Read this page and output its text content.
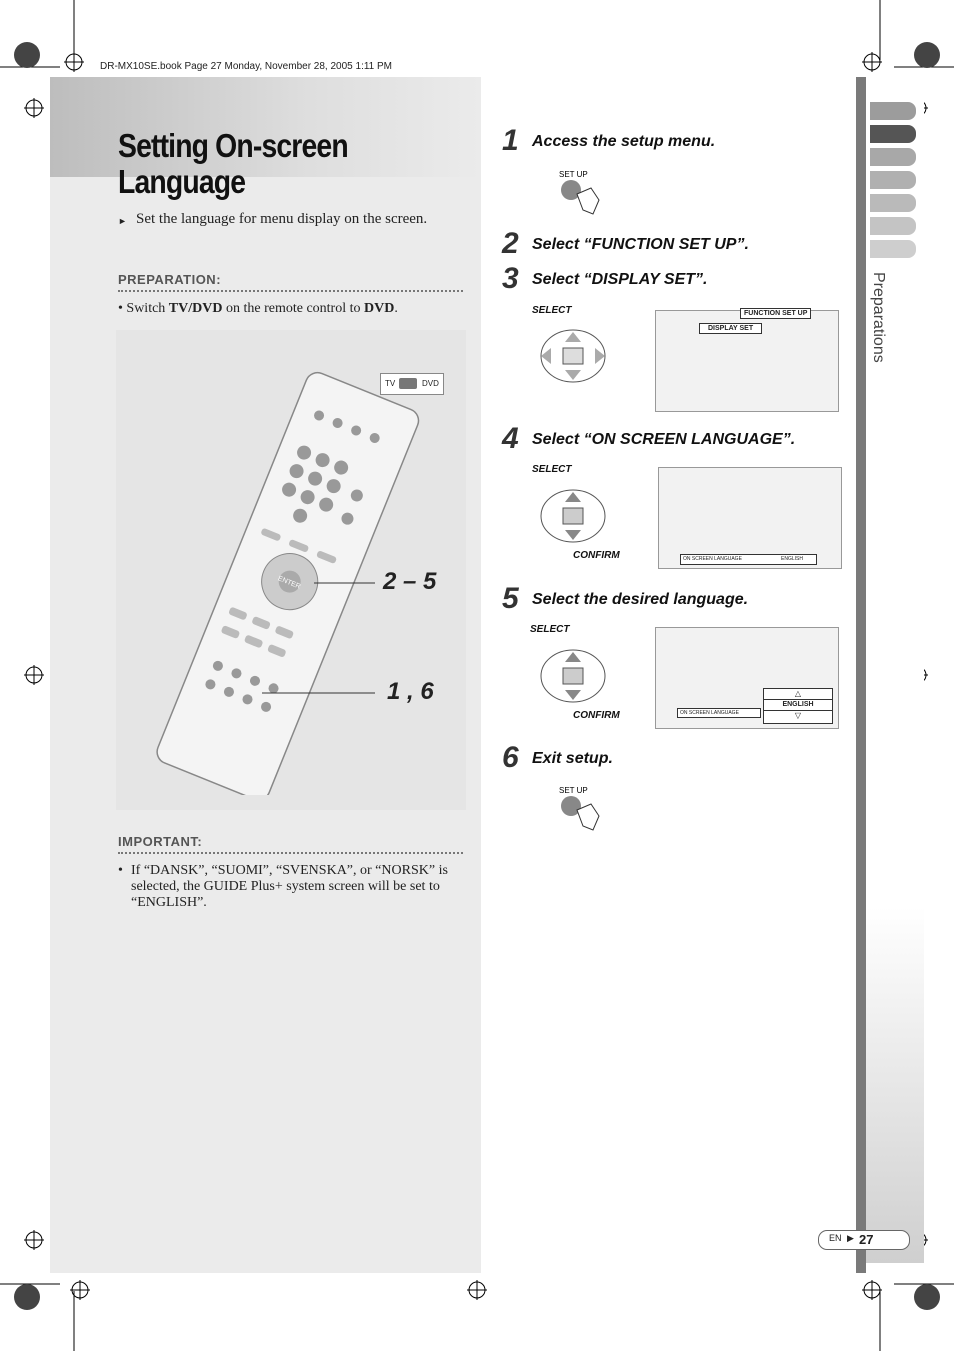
DR-MX10SE.book Page 27 Monday, November 28, 2005 1:11 PM
Setting On-screen
Language
► Set the language for menu display on the screen.
PREPARATION:
• Switch TV/DVD on the remote control to DVD.
ENTER
TV	DVD
2 – 5
1 , 6
IMPORTANT:
• If “DANSK”, “SUOMI”, “SVENSKA”, or “NORSK” is selected, the GUIDE Plus+ system screen will be set to “ENGLISH”.
1 Access the setup menu.
SET UP
2 Select “FUNCTION SET UP”.
3 Select “DISPLAY SET”.
SELECT	FUNCTION SET UP
DISPLAY SET
4 Select “ON SCREEN LANGUAGE”.
SELECT
CONFIRM	ON SCREEN LANGUAGE	ENGLISH
5 Select the desired language.
SELECT
CONFIRM	ON SCREEN LANGUAGE
△
ENGLISH
▽
6 Exit setup.
SET UP
Preparations
EN ▶ 27
